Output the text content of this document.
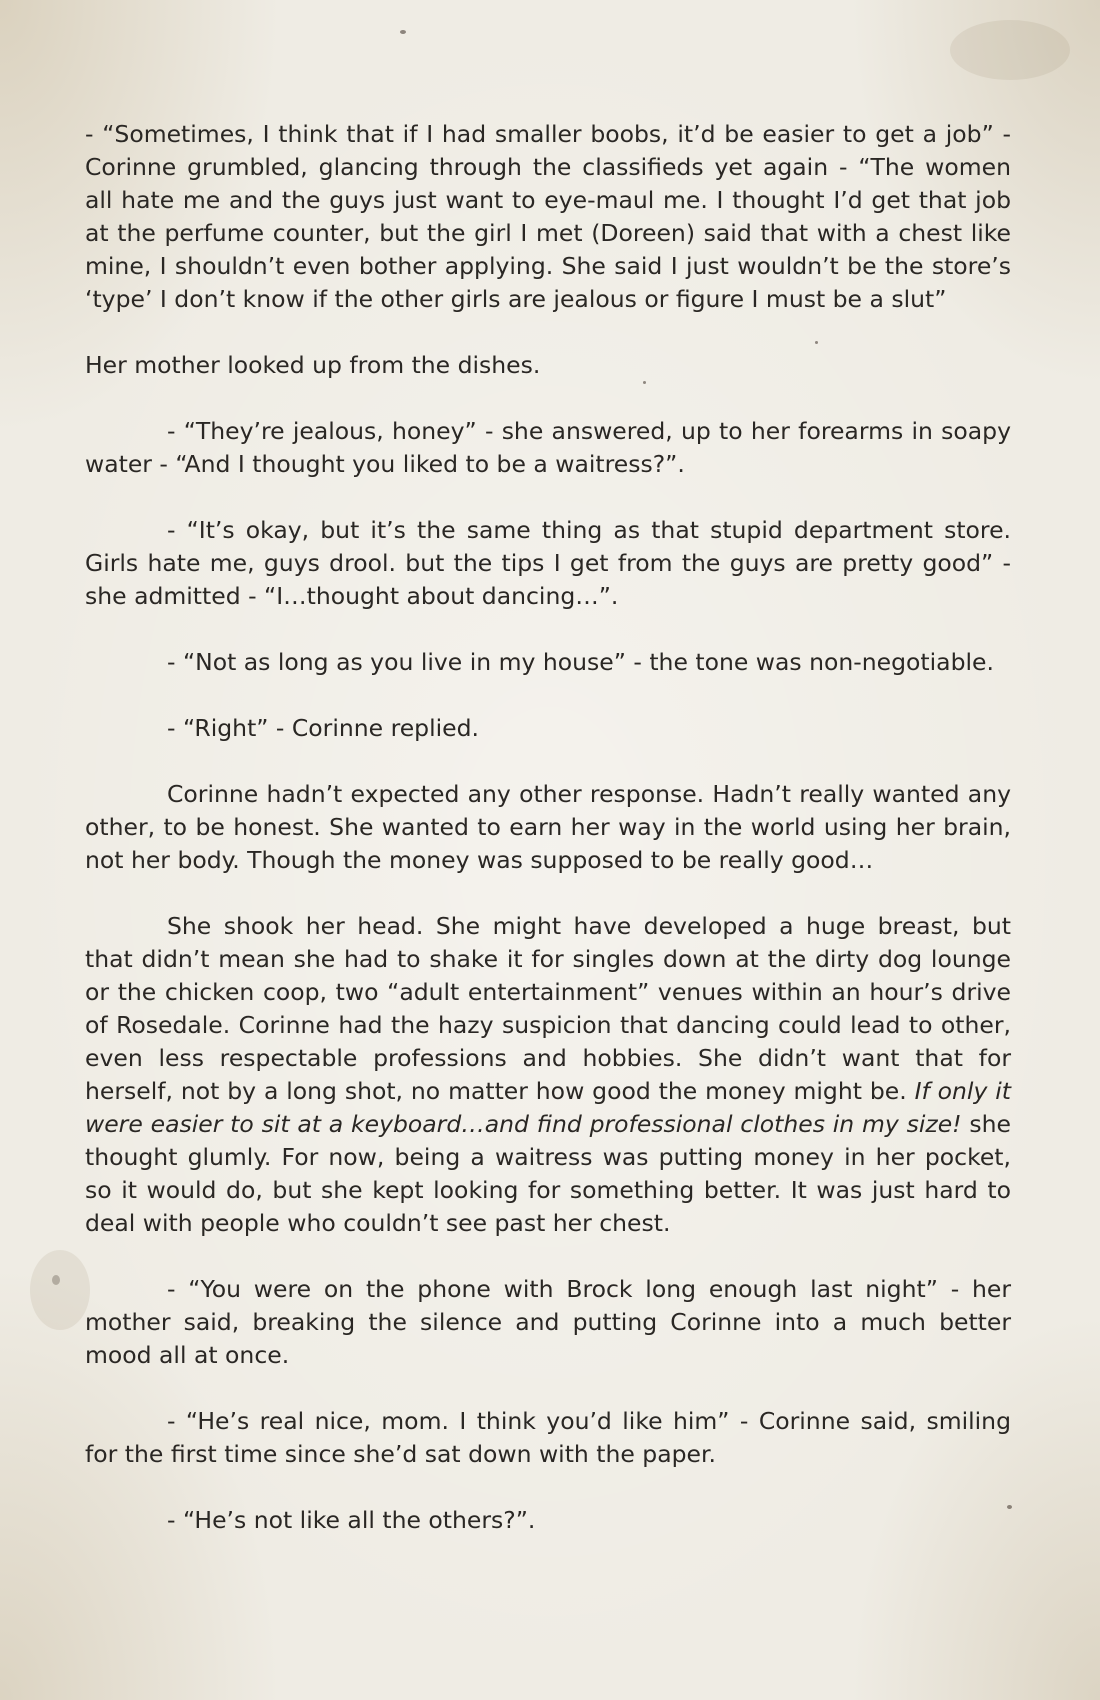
- “Sometimes, I think that if I had smaller boobs, it’d be easier to get a job” - Corinne grumbled, glancing through the classifieds yet again - “The women all hate me and the guys just want to eye-maul me. I thought I’d get that job at the perfume counter, but the girl I met (Doreen) said that with a chest like mine, I shouldn’t even bother applying. She said I just wouldn’t be the store’s ‘type’ I don’t know if the other girls are jealous or figure I must be a slut”

Her mother looked up from the dishes.

- “They’re jealous, honey” - she answered, up to her forearms in soapy water - “And I thought you liked to be a waitress?”.

- “It’s okay, but it’s the same thing as that stupid department store. Girls hate me, guys drool. but the tips I get from the guys are pretty good” - she admitted - “I…thought about dancing…”.

- “Not as long as you live in my house” - the tone was non-negotiable.

- “Right” - Corinne replied.

Corinne hadn’t expected any other response. Hadn’t really wanted any other, to be honest. She wanted to earn her way in the world using her brain, not her body. Though the money was supposed to be really good…

She shook her head. She might have developed a huge breast, but that didn’t mean she had to shake it for singles down at the dirty dog lounge or the chicken coop, two “adult entertainment” venues within an hour’s drive of Rosedale. Corinne had the hazy suspicion that dancing could lead to other, even less respectable professions and hobbies. She didn’t want that for herself, not by a long shot, no matter how good the money might be. If only it were easier to sit at a keyboard…and find professional clothes in my size! she thought glumly. For now, being a waitress was putting money in her pocket, so it would do, but she kept looking for something better. It was just hard to deal with people who couldn’t see past her chest.

- “You were on the phone with Brock long enough last night” - her mother said, breaking the silence and putting Corinne into a much better mood all at once.

- “He’s real nice, mom. I think you’d like him” - Corinne said, smiling for the first time since she’d sat down with the paper.

- “He’s not like all the others?”.
